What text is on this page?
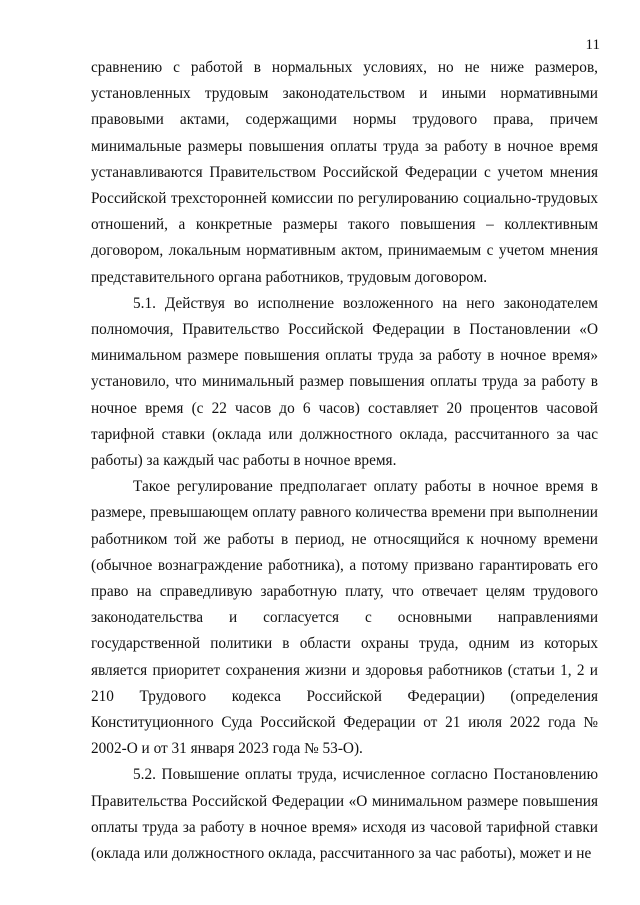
11

сравнению с работой в нормальных условиях, но не ниже размеров, установленных трудовым законодательством и иными нормативными правовыми актами, содержащими нормы трудового права, причем минимальные размеры повышения оплаты труда за работу в ночное время устанавливаются Правительством Российской Федерации с учетом мнения Российской трехсторонней комиссии по регулированию социально-трудовых отношений, а конкретные размеры такого повышения – коллективным договором, локальным нормативным актом, принимаемым с учетом мнения представительного органа работников, трудовым договором.

5.1. Действуя во исполнение возложенного на него законодателем полномочия, Правительство Российской Федерации в Постановлении «О минимальном размере повышения оплаты труда за работу в ночное время» установило, что минимальный размер повышения оплаты труда за работу в ночное время (с 22 часов до 6 часов) составляет 20 процентов часовой тарифной ставки (оклада или должностного оклада, рассчитанного за час работы) за каждый час работы в ночное время.

Такое регулирование предполагает оплату работы в ночное время в размере, превышающем оплату равного количества времени при выполнении работником той же работы в период, не относящийся к ночному времени (обычное вознаграждение работника), а потому призвано гарантировать его право на справедливую заработную плату, что отвечает целям трудового законодательства и согласуется с основными направлениями государственной политики в области охраны труда, одним из которых является приоритет сохранения жизни и здоровья работников (статьи 1, 2 и 210 Трудового кодекса Российской Федерации) (определения Конституционного Суда Российской Федерации от 21 июля 2022 года № 2002-О и от 31 января 2023 года № 53-О).

5.2. Повышение оплаты труда, исчисленное согласно Постановлению Правительства Российской Федерации «О минимальном размере повышения оплаты труда за работу в ночное время» исходя из часовой тарифной ставки (оклада или должностного оклада, рассчитанного за час работы), может и не
